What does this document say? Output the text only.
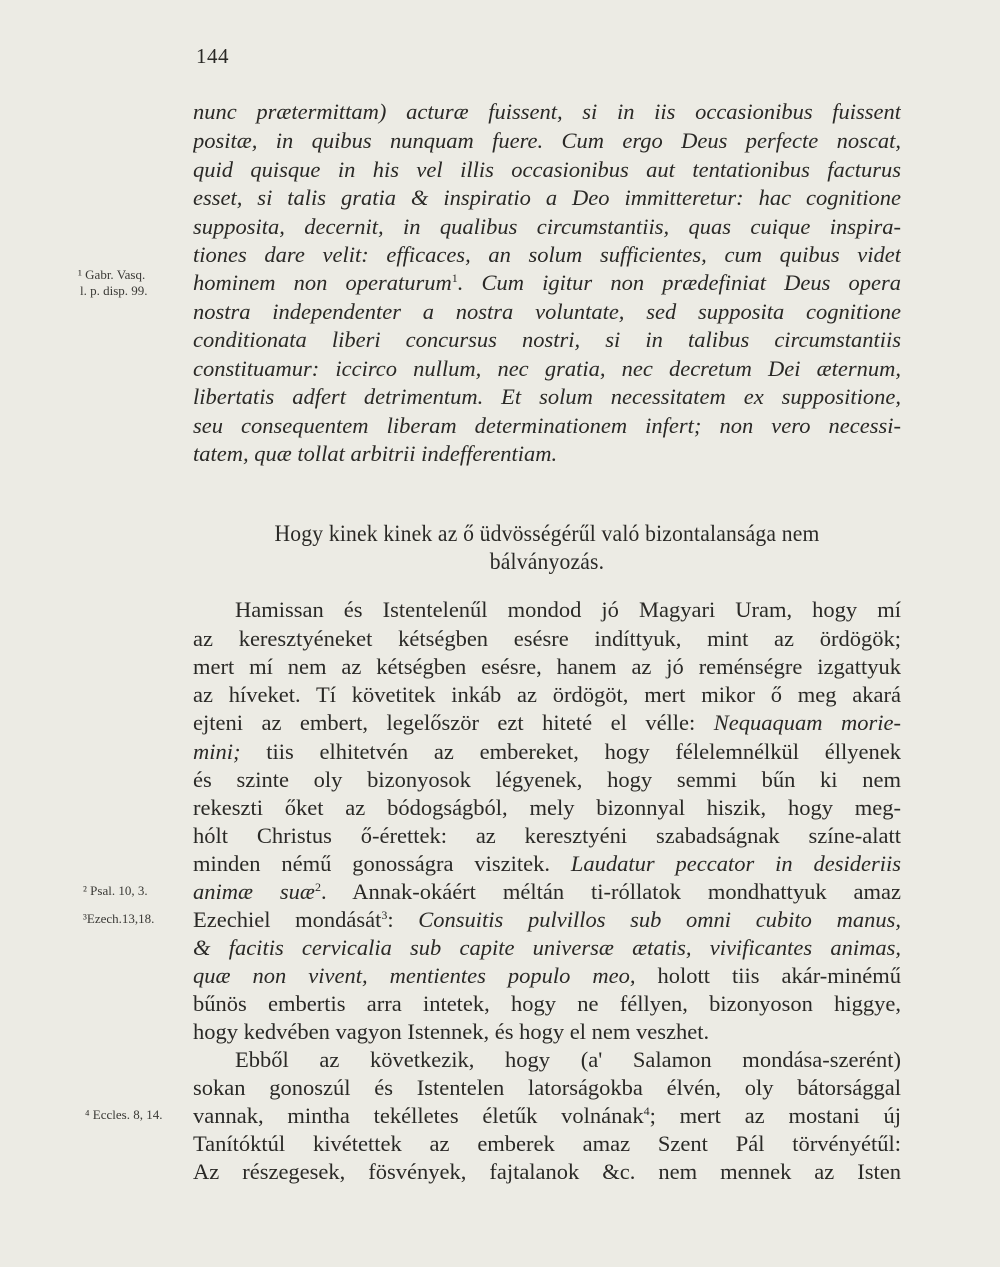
144
nunc prætermittam) acturæ fuissent, si in iis occasionibus fuissent
positæ, in quibus nunquam fuere. Cum ergo Deus perfecte noscat,
quid quisque in his vel illis occasionibus aut tentationibus facturus
esset, si talis gratia & inspiratio a Deo immitteretur: hac cognitione
supposita, decernit, in qualibus circumstantiis, quas cuique inspira-
tiones dare velit: efficaces, an solum sufficientes, cum quibus videt
hominem non operaturum$^1$. Cum igitur non prædefiniat Deus opera
nostra independenter a nostra voluntate, sed supposita cognitione
conditionata liberi concursus nostri, si in talibus circumstantiis
constituamur: iccirco nullum, nec gratia, nec decretum Dei æternum,
libertatis adfert detrimentum. Et solum necessitatem ex suppositione,
seu consequentem liberam determinationem infert; non vero necessi-
tatem, quæ tollat arbitrii indefferentiam.
Hogy kinek kinek az ő üdvösségérűl való bizontalansága nem
bálványozás.
Hamissan és Istentelenűl mondod jó Magyari Uram, hogy mí
az keresztyéneket kétségben esésre indíttyuk, mint az ördögök;
mert mí nem az kétségben esésre, hanem az jó reménségre izgattyuk
az híveket. Tí követitek inkáb az ördögöt, mert mikor ő meg akará
ejteni az embert, legelőször ezt hiteté el vélle: Nequaquam morie-
mini; tiis elhitetvén az embereket, hogy félelemnélkül éllyenek
és szinte oly bizonyosok légyenek, hogy semmi bűn ki nem
rekeszti őket az bódogságból, mely bizonnyal hiszik, hogy meg-
hólt Christus ő-érettek: az keresztyéni szabadságnak színe-alatt
minden némű gonosságra viszitek. Laudatur peccator in desideriis
animæ suæ$^2$. Annak-okáért méltán ti-róllatok mondhattyuk amaz
Ezechiel mondását$^3$: Consuitis pulvillos sub omni cubito manus,
& facitis cervicalia sub capite universæ ætatis, vivificantes animas,
quæ non vivent, mentientes populo meo, holott tiis akár-minémű
bűnös embertis arra intetek, hogy ne féllyen, bizonyoson higgye,
hogy kedvében vagyon Istennek, és hogy el nem veszhet.
Ebből az következik, hogy (a' Salamon mondása-szerént)
sokan gonoszúl és Istentelen latorságokba élvén, oly bátorsággal
vannak, mintha tekélletes életűk volnának$^4$; mert az mostani új
Tanítóktúl kivétettek az emberek amaz Szent Pál törvényétűl:
Az részegesek, fösvények, fajtalanok &c. nem mennek az Isten
¹ Gabr. Vasq.
l. p. disp. 99.
² Psal. 10, 3.
³Ezech.13,18.
⁴ Eccles. 8, 14.
